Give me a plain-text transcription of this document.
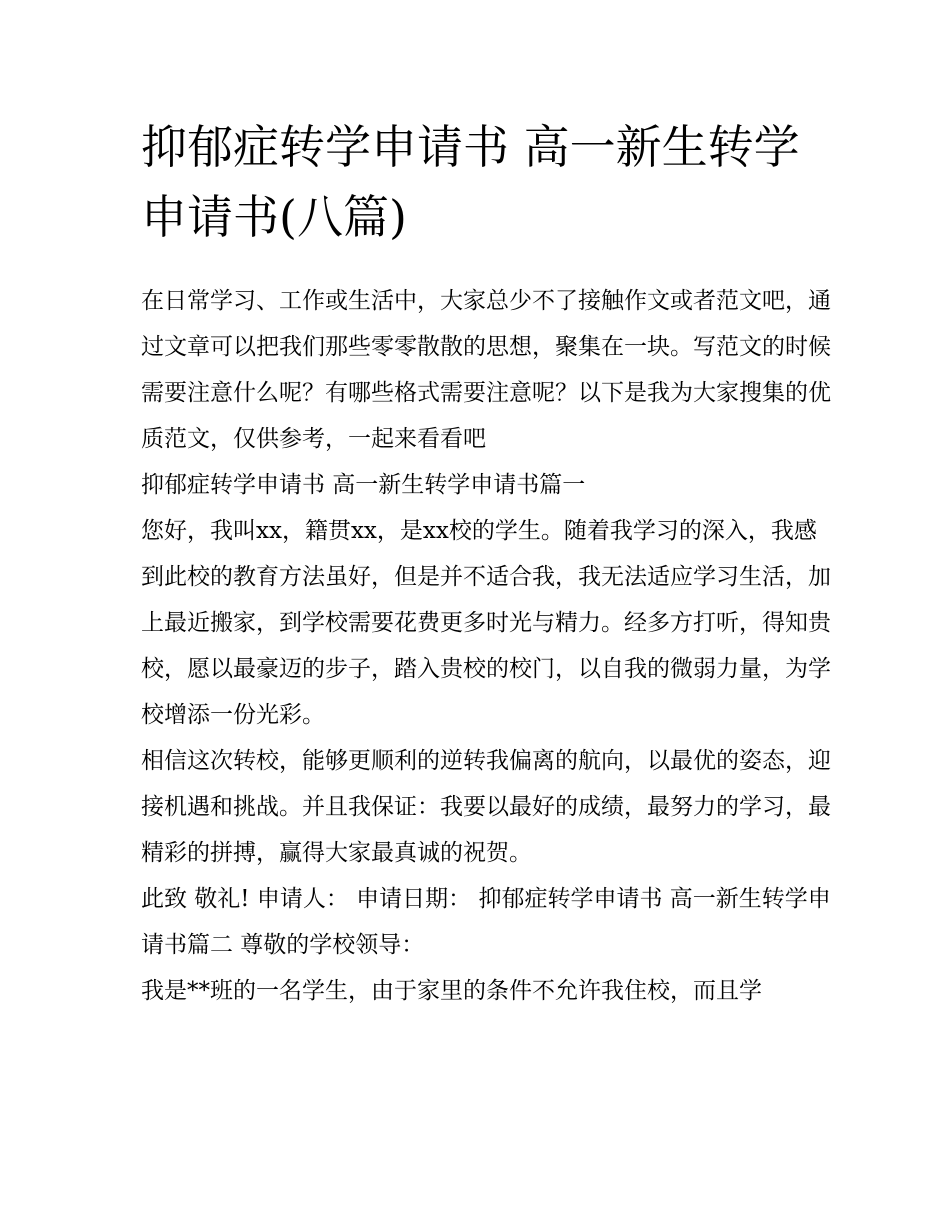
抑郁症转学申请书 高一新生转学申请书(八篇)

在日常学习、工作或生活中，大家总少不了接触作文或者范文吧，通过文章可以把我们那些零零散散的思想，聚集在一块。写范文的时候需要注意什么呢？有哪些格式需要注意呢？以下是我为大家搜集的优质范文，仅供参考，一起来看看吧

抑郁症转学申请书 高一新生转学申请书篇一

您好，我叫xx，籍贯xx，是xx校的学生。随着我学习的深入，我感到此校的教育方法虽好，但是并不适合我，我无法适应学习生活，加上最近搬家，到学校需要花费更多时光与精力。经多方打听，得知贵校，愿以最豪迈的步子，踏入贵校的校门，以自我的微弱力量，为学校增添一份光彩。

相信这次转校，能够更顺利的逆转我偏离的航向，以最优的姿态，迎接机遇和挑战。并且我保证：我要以最好的成绩，最努力的学习，最精彩的拼搏，赢得大家最真诚的祝贺。

此致 敬礼! 申请人： 申请日期： 抑郁症转学申请书 高一新生转学申请书篇二 尊敬的学校领导：

我是**班的一名学生，由于家里的条件不允许我住校，而且学
